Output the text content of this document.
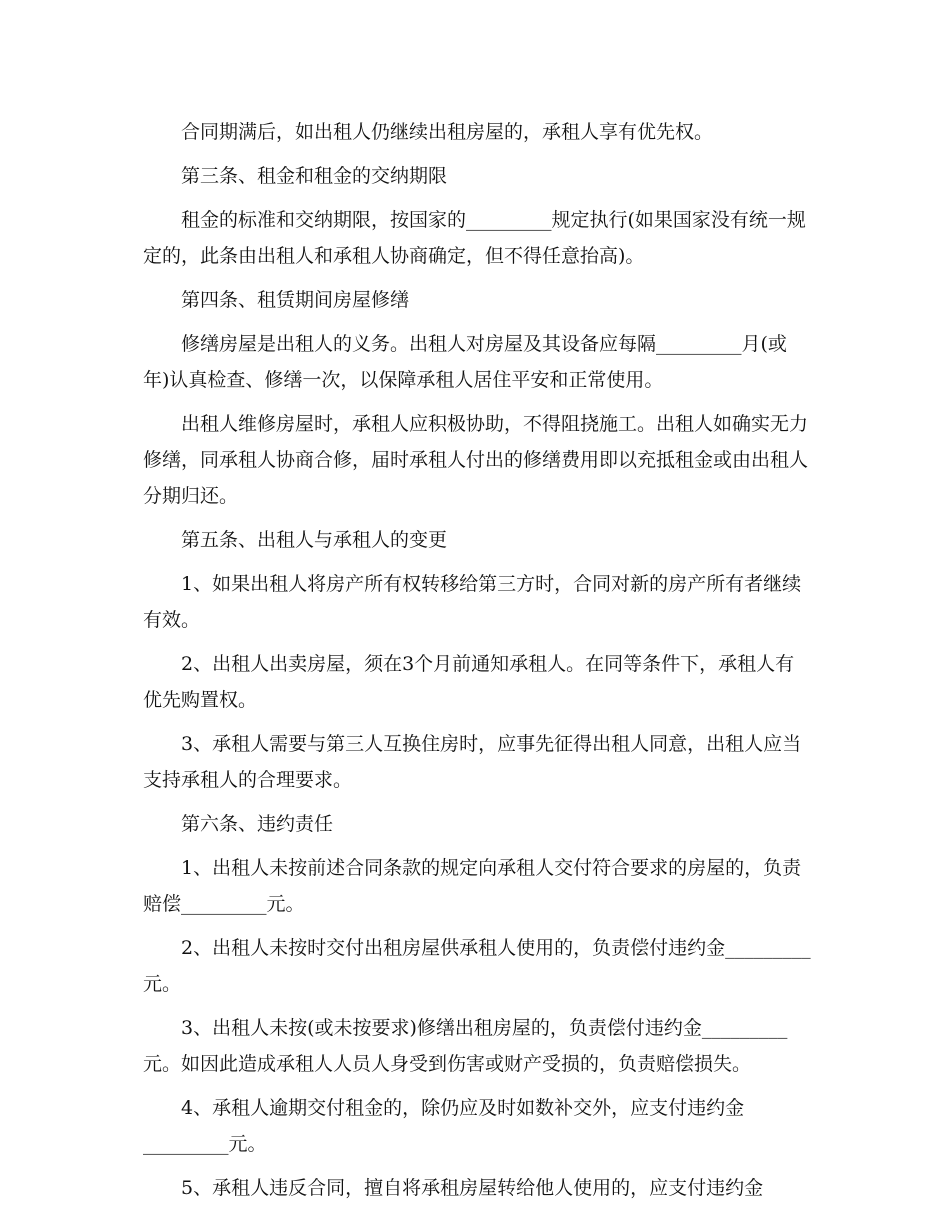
合同期满后，如出租人仍继续出租房屋的，承租人享有优先权。

第三条、租金和租金的交纳期限

租金的标准和交纳期限，按国家的_________规定执行(如果国家没有统一规定的，此条由出租人和承租人协商确定，但不得任意抬高)。

第四条、租赁期间房屋修缮

修缮房屋是出租人的义务。出租人对房屋及其设备应每隔_________月(或年)认真检查、修缮一次，以保障承租人居住平安和正常使用。

出租人维修房屋时，承租人应积极协助，不得阻挠施工。出租人如确实无力修缮，同承租人协商合修，届时承租人付出的修缮费用即以充抵租金或由出租人分期归还。

第五条、出租人与承租人的变更

1、如果出租人将房产所有权转移给第三方时，合同对新的房产所有者继续有效。

2、出租人出卖房屋，须在3个月前通知承租人。在同等条件下，承租人有优先购置权。

3、承租人需要与第三人互换住房时，应事先征得出租人同意，出租人应当支持承租人的合理要求。

第六条、违约责任

1、出租人未按前述合同条款的规定向承租人交付符合要求的房屋的，负责赔偿_________元。

2、出租人未按时交付出租房屋供承租人使用的，负责偿付违约金_________
元。

3、出租人未按(或未按要求)修缮出租房屋的，负责偿付违约金_________
元。如因此造成承租人人员人身受到伤害或财产受损的，负责赔偿损失。

4、承租人逾期交付租金的，除仍应及时如数补交外，应支付违约金
_________元。

5、承租人违反合同，擅自将承租房屋转给他人使用的，应支付违约金
